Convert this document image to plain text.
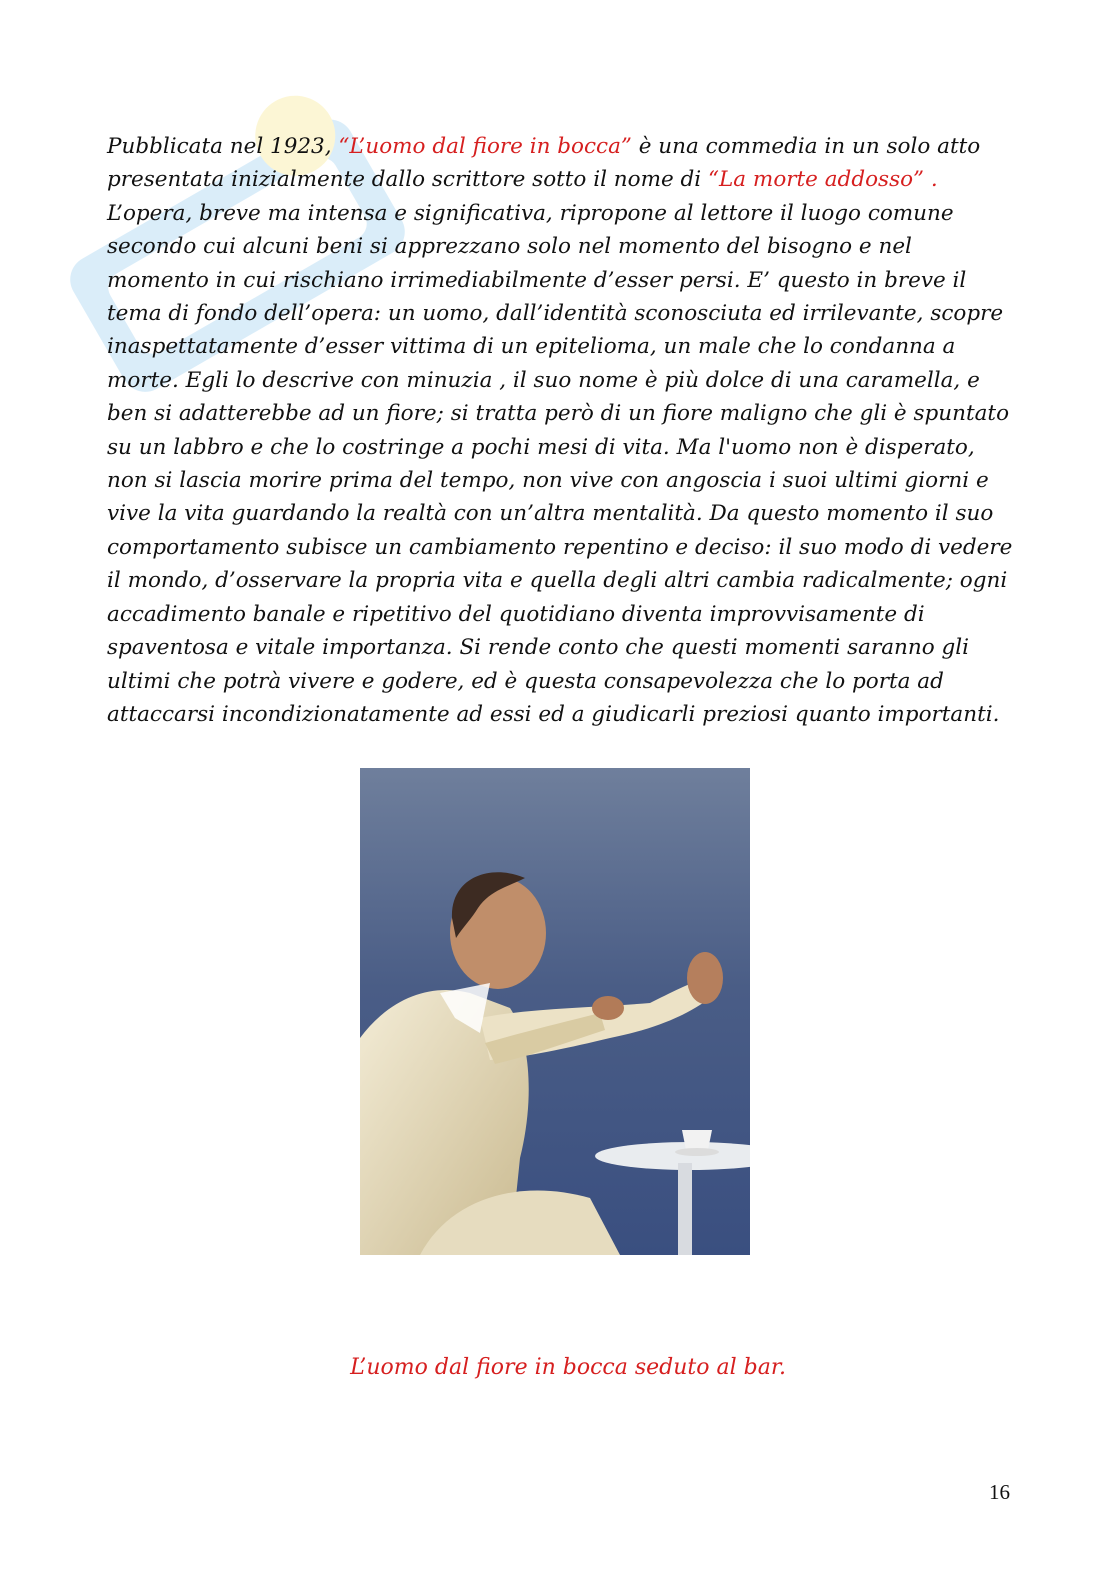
Pubblicata nel 1923, “L’uomo dal fiore in bocca” è una commedia in un solo atto presentata inizialmente dallo scrittore sotto il nome di “La morte addosso” . L’opera, breve ma intensa e significativa, ripropone al lettore il luogo comune secondo cui alcuni beni si apprezzano solo nel momento del bisogno e nel momento in cui rischiano irrimediabilmente d’esser persi. E’ questo in breve il tema di fondo dell’opera: un uomo, dall’identità sconosciuta ed irrilevante, scopre inaspettatamente d’esser vittima di un epitelioma, un male che lo condanna a morte. Egli lo descrive con minuzia , il suo nome è più dolce di una caramella, e ben si adatterebbe ad un fiore; si tratta però di un fiore maligno che gli è spuntato su un labbro e che lo costringe a pochi mesi di vita. Ma l'uomo non è disperato, non si lascia morire prima del tempo, non vive con angoscia i suoi ultimi giorni e vive la vita guardando la realtà con un’altra mentalità. Da questo momento il suo comportamento subisce un cambiamento repentino e deciso: il suo modo di vedere il mondo, d’osservare la propria vita e quella degli altri cambia radicalmente; ogni accadimento banale e ripetitivo del quotidiano diventa improvvisamente di spaventosa e vitale importanza. Si rende conto che questi momenti saranno gli ultimi che potrà vivere e godere, ed è questa consapevolezza che lo porta ad attaccarsi incondizionatamente ad essi ed a giudicarli preziosi quanto importanti.

L’uomo dal fiore in bocca seduto al bar.

16
